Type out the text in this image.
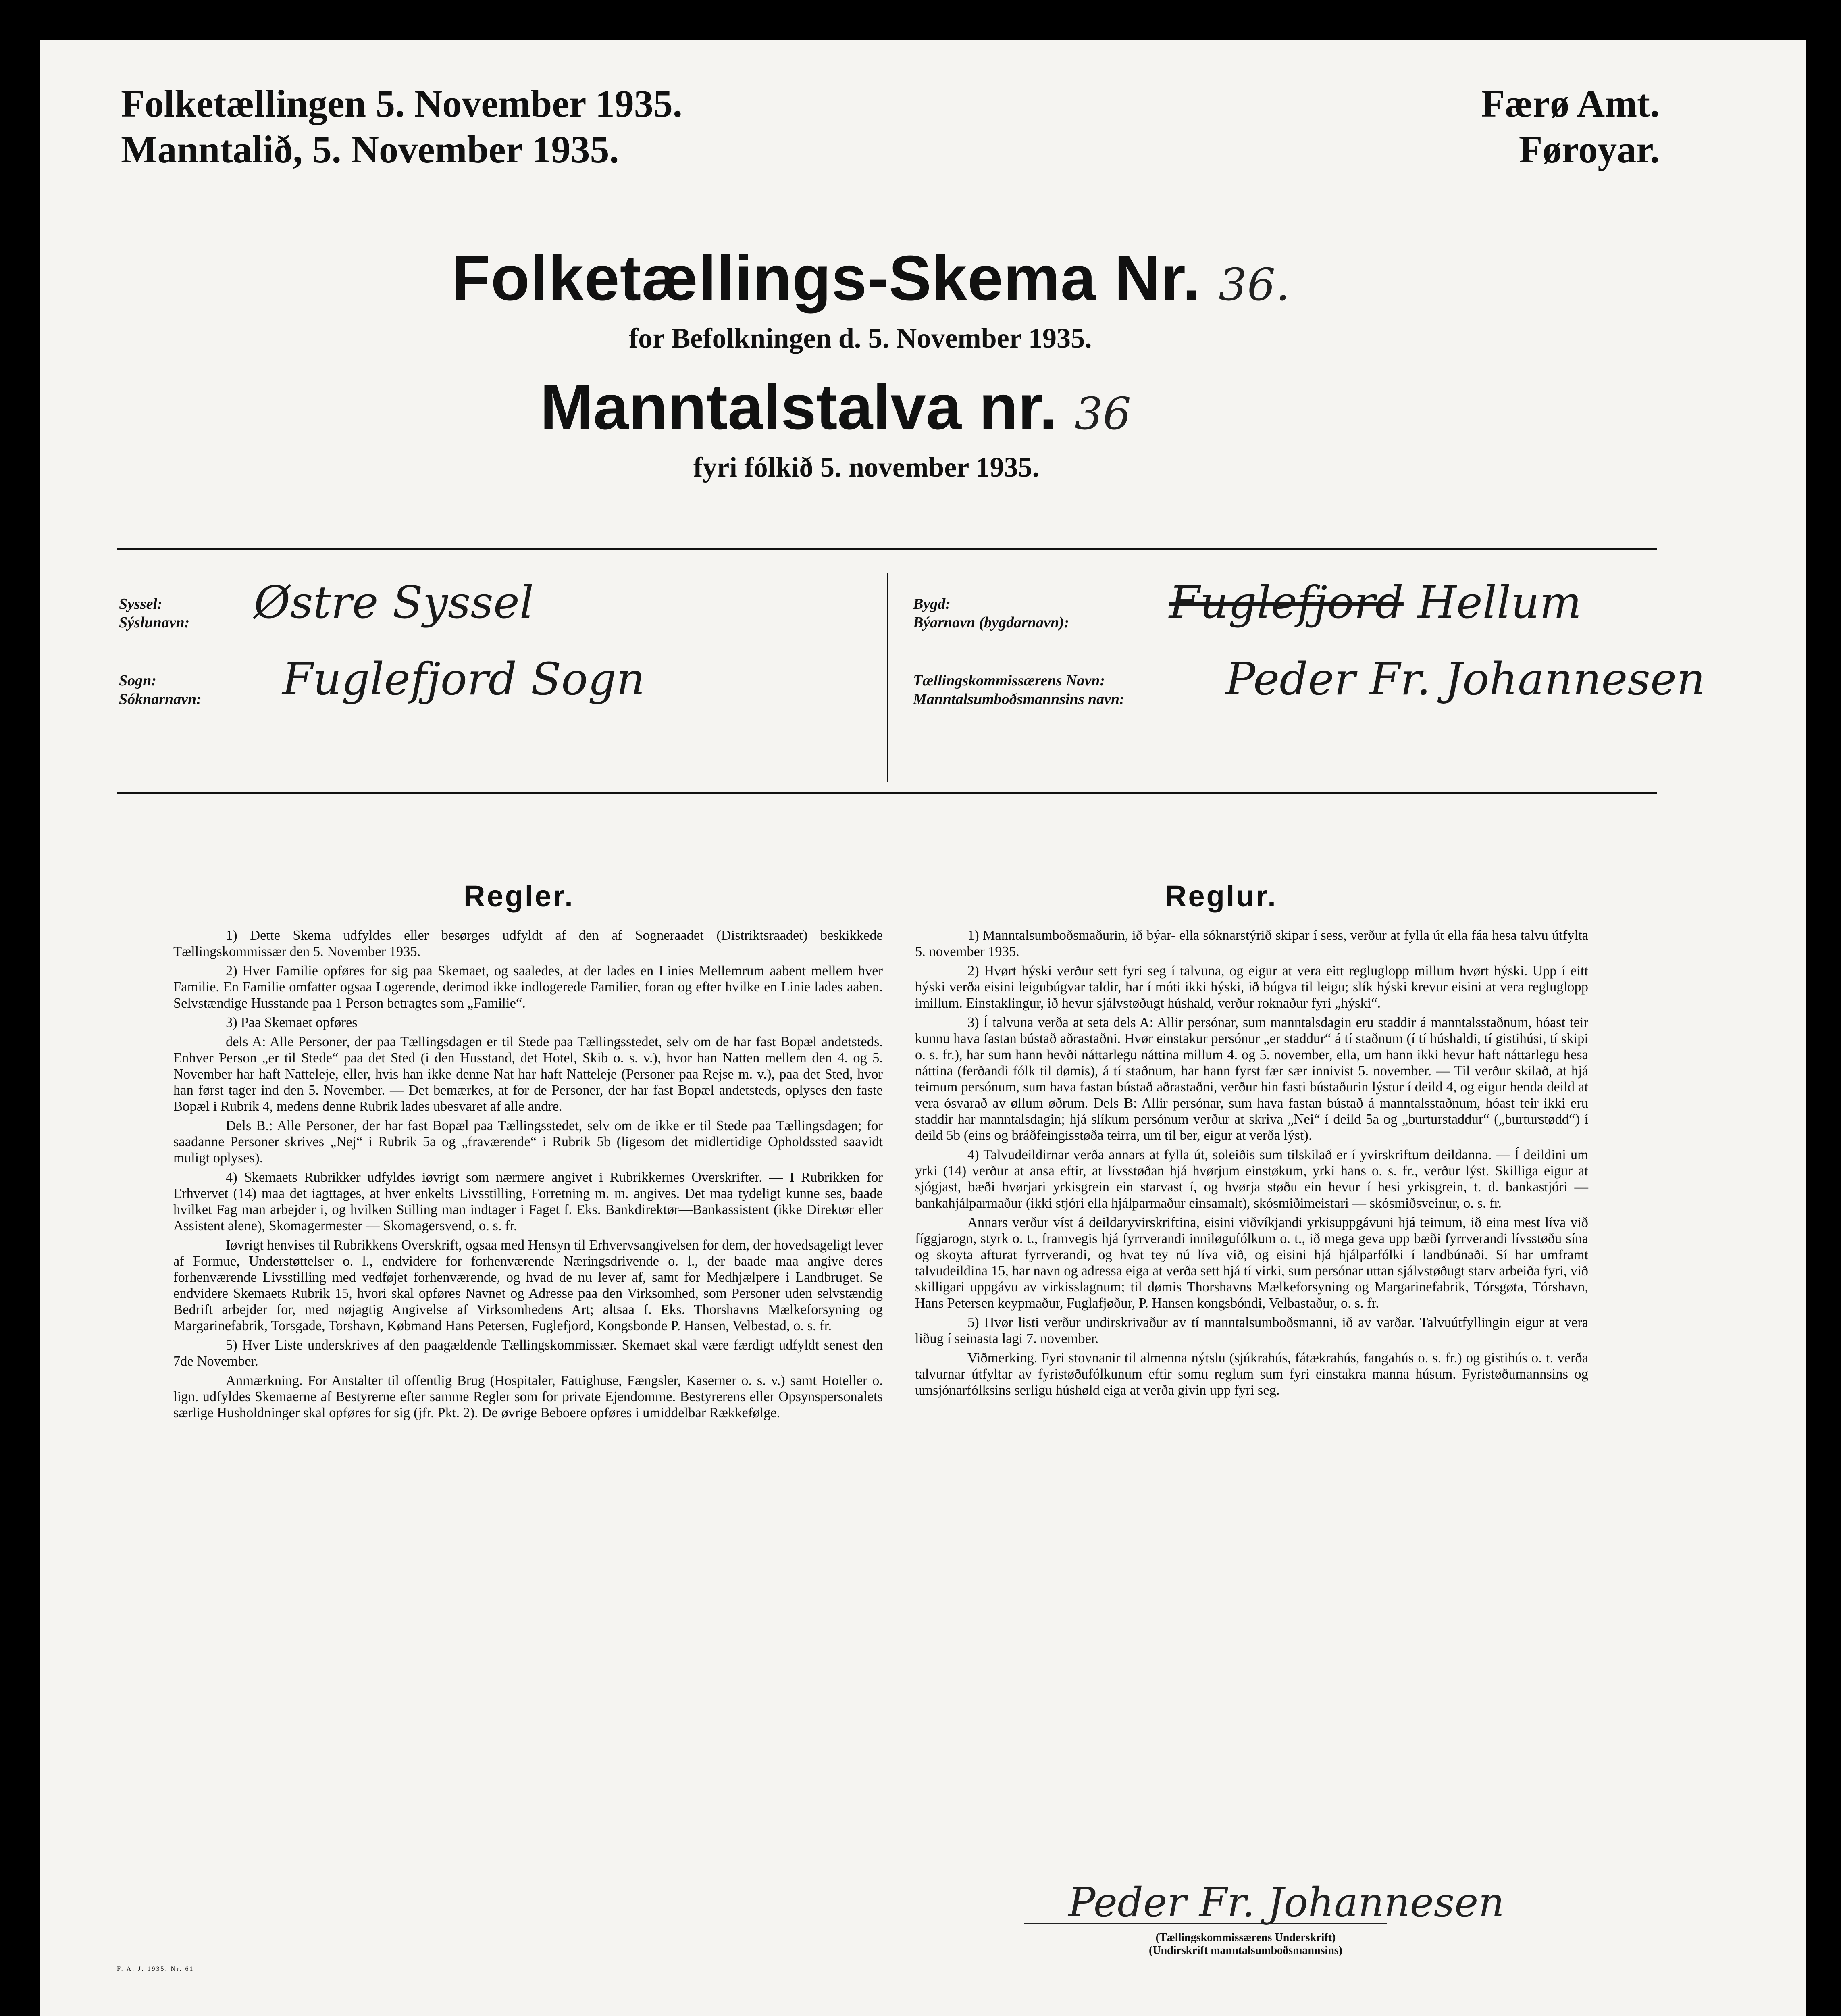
Folketællingen 5. November 1935.
Manntalið, 5. November 1935.
Færø Amt.
Føroyar.
Folketællings-Skema Nr. 36.
for Befolkningen d. 5. November 1935.
Manntalstalva nr. 36
fyri fólkið 5. november 1935.
Syssel:
Sýslunavn: Østre Syssel
Sogn:
Sóknarnavn: Fuglefjord Sogn
Bygd:
Býarnavn (bygdarnavn): Fuglefjord Hellum
Tællingskommissærens Navn:
Manntalsumboðsmannsins navn: Peder Fr. Johannesen
Regler.	Reglur.

1) Dette Skema udfyldes eller besørges udfyldt af den af Sogneraadet (Distriktsraadet) beskikkede Tællingskommissær den 5. November 1935.

2) Hver Familie opføres for sig paa Skemaet, og saaledes, at der lades en Linies Mellemrum aabent mellem hver Familie. En Familie omfatter ogsaa Logerende, derimod ikke indlogerede Familier, foran og efter hvilke en Linie lades aaben. Selvstændige Husstande paa 1 Person betragtes som „Familie“.

3) Paa Skemaet opføres

dels A: Alle Personer, der paa Tællingsdagen er til Stede paa Tællingsstedet, selv om de har fast Bopæl andetsteds. Enhver Person „er til Stede“ paa det Sted (i den Husstand, det Hotel, Skib o. s. v.), hvor han Natten mellem den 4. og 5. November har haft Natteleje, eller, hvis han ikke denne Nat har haft Natteleje (Personer paa Rejse m. v.), paa det Sted, hvor han først tager ind den 5. November. — Det bemærkes, at for de Personer, der har fast Bopæl andetsteds, oplyses den faste Bopæl i Rubrik 4, medens denne Rubrik lades ubesvaret af alle andre.

Dels B.: Alle Personer, der har fast Bopæl paa Tællingsstedet, selv om de ikke er til Stede paa Tællingsdagen; for saadanne Personer skrives „Nej“ i Rubrik 5a og „fraværende“ i Rubrik 5b (ligesom det midlertidige Opholdssted saavidt muligt oplyses).

4) Skemaets Rubrikker udfyldes iøvrigt som nærmere angivet i Rubrikkernes Overskrifter. — I Rubrikken for Erhvervet (14) maa det iagttages, at hver enkelts Livsstilling, Forretning m. m. angives. Det maa tydeligt kunne ses, baade hvilket Fag man arbejder i, og hvilken Stilling man indtager i Faget f. Eks. Bankdirektør—Bankassistent (ikke Direktør eller Assistent alene), Skomagermester — Skomagersvend, o. s. fr.

Iøvrigt henvises til Rubrikkens Overskrift, ogsaa med Hensyn til Erhvervsangivelsen for dem, der hovedsageligt lever af Formue, Understøttelser o. l., endvidere for forhenværende Næringsdrivende o. l., der baade maa angive deres forhenværende Livsstilling med vedføjet forhenværende, og hvad de nu lever af, samt for Medhjælpere i Landbruget. Se endvidere Skemaets Rubrik 15, hvori skal opføres Navnet og Adresse paa den Virksomhed, som Personer uden selvstændig Bedrift arbejder for, med nøjagtig Angivelse af Virksomhedens Art; altsaa f. Eks. Thorshavns Mælkeforsyning og Margarinefabrik, Torsgade, Torshavn, Købmand Hans Petersen, Fuglefjord, Kongsbonde P. Hansen, Velbestad, o. s. fr.

5) Hver Liste underskrives af den paagældende Tællingskommissær. Skemaet skal være færdigt udfyldt senest den 7de November.

Anmærkning. For Anstalter til offentlig Brug (Hospitaler, Fattighuse, Fængsler, Kaserner o. s. v.) samt Hoteller o. lign. udfyldes Skemaerne af Bestyrerne efter samme Regler som for private Ejendomme. Bestyrerens eller Opsynspersonalets særlige Husholdninger skal opføres for sig (jfr. Pkt. 2). De øvrige Beboere opføres i umiddelbar Rækkefølge.

1) Manntalsumboðsmaðurin, ið býar- ella sóknarstýrið skipar í sess, verður at fylla út ella fáa hesa talvu útfylta 5. november 1935.

2) Hvørt hýski verður sett fyri seg í talvuna, og eigur at vera eitt regluglopp millum hvørt hýski. Upp í eitt hýski verða eisini leigubúgvar taldir, har í móti ikki hýski, ið búgva til leigu; slík hýski krevur eisini at vera regluglopp imillum. Einstaklingur, ið hevur sjálvstøðugt húshald, verður roknaður fyri „hýski“.

3) Í talvuna verða at seta dels A: Allir persónar, sum manntalsdagin eru staddir á manntalsstaðnum, hóast teir kunnu hava fastan bústað aðrastaðni. Hvør einstakur persónur „er staddur“ á tí staðnum (í tí húshaldi, tí gistihúsi, tí skipi o. s. fr.), har sum hann hevði náttarlegu náttina millum 4. og 5. november, ella, um hann ikki hevur haft náttarlegu hesa náttina (ferðandi fólk til dømis), á tí staðnum, har hann fyrst fær sær innivist 5. november. — Til verður skilað, at hjá teimum persónum, sum hava fastan bústað aðrastaðni, verður hin fasti bústaðurin lýstur í deild 4, og eigur henda deild at vera ósvarað av øllum øðrum. Dels B: Allir persónar, sum hava fastan bústað á manntalsstaðnum, hóast teir ikki eru staddir har manntalsdagin; hjá slíkum persónum verður at skriva „Nei“ í deild 5a og „burturstaddur“ („burturstødd“) í deild 5b (eins og bráðfeingisstøða teirra, um til ber, eigur at verða lýst).

4) Talvudeildirnar verða annars at fylla út, soleiðis sum tilskilað er í yvirskriftum deildanna. — Í deildini um yrki (14) verður at ansa eftir, at lívsstøðan hjá hvørjum einstøkum, yrki hans o. s. fr., verður lýst. Skilliga eigur at sjógjast, bæði hvørjari yrkisgrein ein starvast í, og hvørja støðu ein hevur í hesi yrkisgrein, t. d. bankastjóri — bankahjálparmaður (ikki stjóri ella hjálparmaður einsamalt), skósmiðimeistari — skósmiðsveinur, o. s. fr.

Annars verður víst á deildaryvirskriftina, eisini viðvíkjandi yrkisuppgávuni hjá teimum, ið eina mest líva við fíggjarogn, styrk o. t., framvegis hjá fyrrverandi inniløgufólkum o. t., ið mega geva upp bæði fyrrverandi lívsstøðu sína og skoyta afturat fyrrverandi, og hvat tey nú líva við, og eisini hjá hjálparfólki í landbúnaði. Sí har umframt talvudeildina 15, har navn og adressa eiga at verða sett hjá tí virki, sum persónar uttan sjálvstøðugt starv arbeiða fyri, við skilligari uppgávu av virkisslagnum; til dømis Thorshavns Mælkeforsyning og Margarinefabrik, Tórsgøta, Tórshavn, Hans Petersen keypmaður, Fuglafjøður, P. Hansen kongsbóndi, Velbastaður, o. s. fr.

5) Hvør listi verður undirskrivaður av tí manntalsumboðsmanni, ið av varðar. Talvuútfyllingin eigur at vera liðug í seinasta lagi 7. november.

Viðmerking. Fyri stovnanir til almenna nýtslu (sjúkrahús, fátækrahús, fangahús o. s. fr.) og gistihús o. t. verða talvurnar útfyltar av fyristøðufólkunum eftir somu reglum sum fyri einstakra manna húsum. Fyristøðumannsins og umsjónarfólksins serligu húshøld eiga at verða givin upp fyri seg.

Peder Fr. Johannesen
(Tællingskommissærens Underskrift)
(Undirskrift manntalsumboðsmannsins)
F. A. J. 1935. Nr. 61
